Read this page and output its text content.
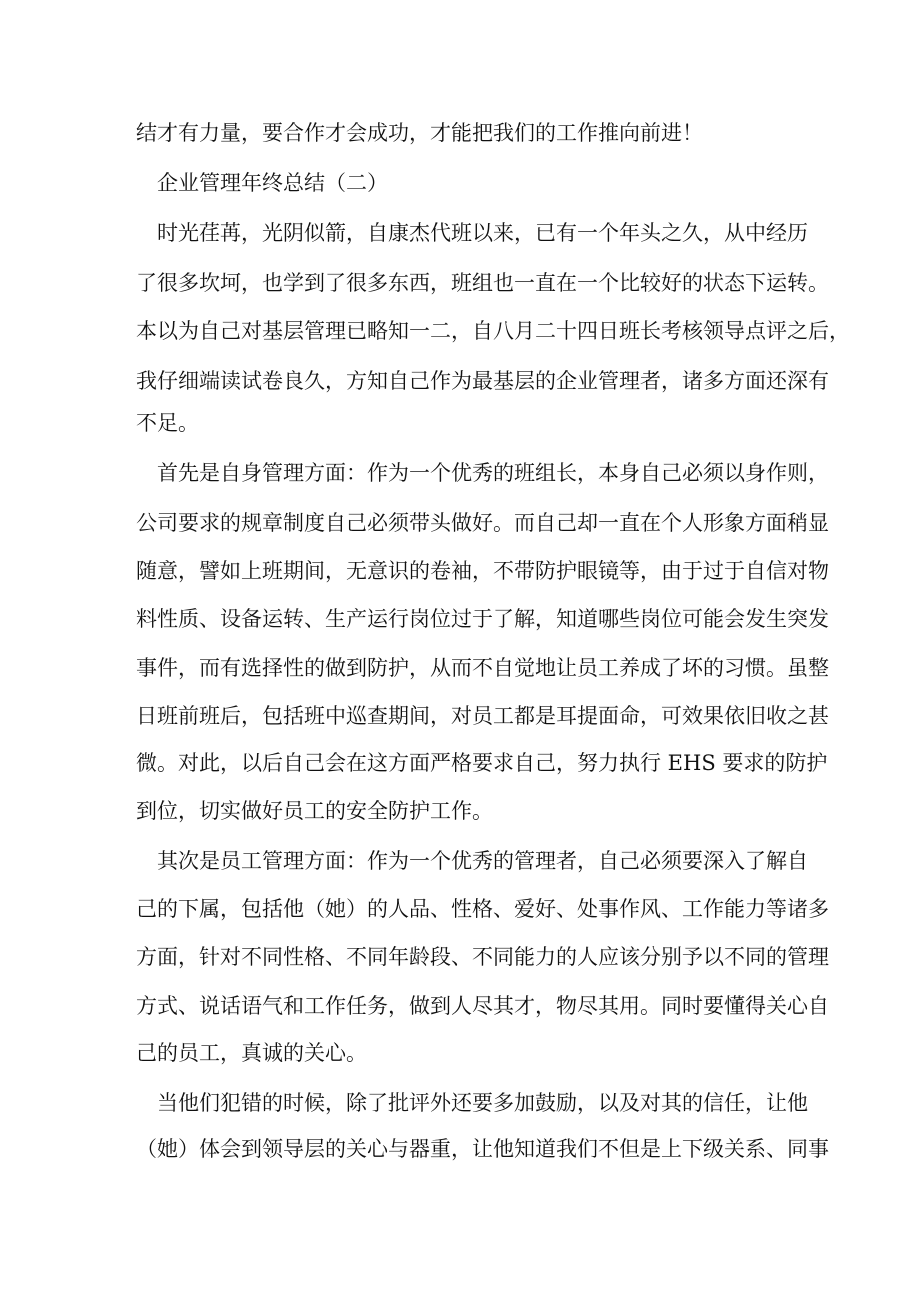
结才有力量，要合作才会成功，才能把我们的工作推向前进！
企业管理年终总结（二）
时光荏苒，光阴似箭，自康杰代班以来，已有一个年头之久，从中经历
了很多坎坷，也学到了很多东西，班组也一直在一个比较好的状态下运转。
本以为自己对基层管理已略知一二，自八月二十四日班长考核领导点评之后，
我仔细端读试卷良久，方知自己作为最基层的企业管理者，诸多方面还深有
不足。
首先是自身管理方面：作为一个优秀的班组长，本身自己必须以身作则，
公司要求的规章制度自己必须带头做好。而自己却一直在个人形象方面稍显
随意，譬如上班期间，无意识的卷袖，不带防护眼镜等，由于过于自信对物
料性质、设备运转、生产运行岗位过于了解，知道哪些岗位可能会发生突发
事件，而有选择性的做到防护，从而不自觉地让员工养成了坏的习惯。虽整
日班前班后，包括班中巡查期间，对员工都是耳提面命，可效果依旧收之甚
微。对此，以后自己会在这方面严格要求自己，努力执行 EHS 要求的防护
到位，切实做好员工的安全防护工作。
其次是员工管理方面：作为一个优秀的管理者，自己必须要深入了解自
己的下属，包括他（她）的人品、性格、爱好、处事作风、工作能力等诸多
方面，针对不同性格、不同年龄段、不同能力的人应该分别予以不同的管理
方式、说话语气和工作任务，做到人尽其才，物尽其用。同时要懂得关心自
己的员工，真诚的关心。
当他们犯错的时候，除了批评外还要多加鼓励，以及对其的信任，让他
（她）体会到领导层的关心与器重，让他知道我们不但是上下级关系、同事
